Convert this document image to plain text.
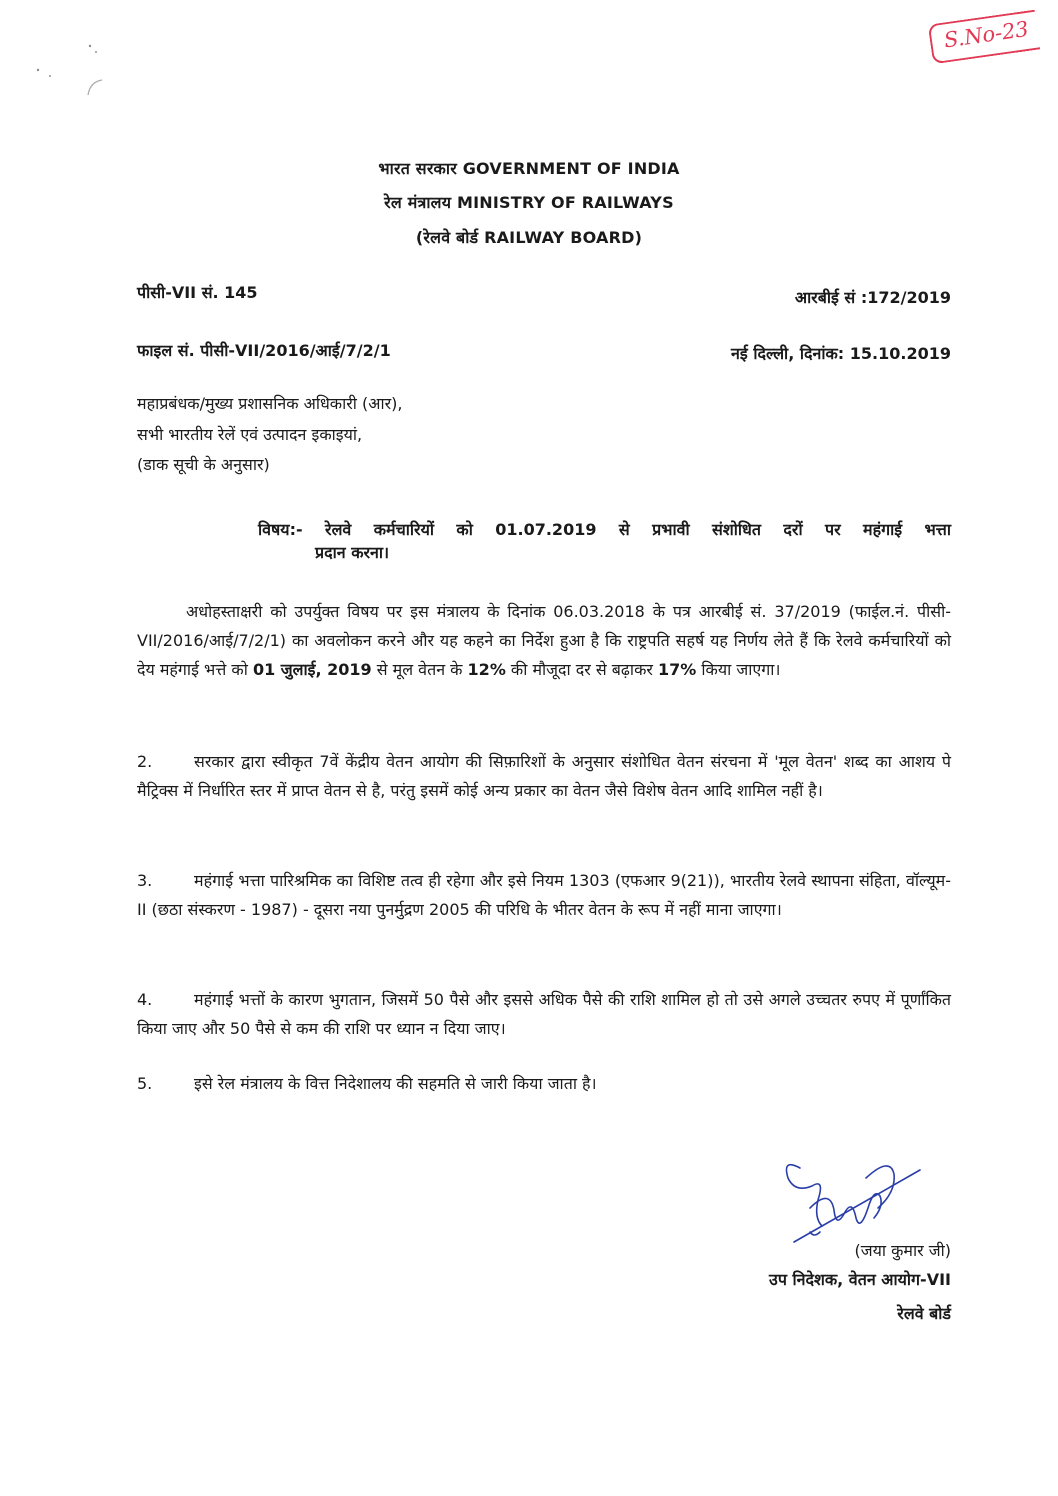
S.No-23
भारत सरकार GOVERNMENT OF INDIA
रेल मंत्रालय MINISTRY OF RAILWAYS
(रेलवे बोर्ड RAILWAY BOARD)
पीसी-VII सं. 145	आरबीई सं :172/2019
फाइल सं. पीसी-VII/2016/आई/7/2/1	नई दिल्ली, दिनांक: 15.10.2019
महाप्रबंधक/मुख्य प्रशासनिक अधिकारी (आर),
सभी भारतीय रेलें एवं उत्पादन इकाइयां,
(डाक सूची के अनुसार)
विषय:- रेलवे कर्मचारियों को 01.07.2019 से प्रभावी संशोधित दरों पर महंगाई भत्ता
प्रदान करना।
अधोहस्ताक्षरी को उपर्युक्त विषय पर इस मंत्रालय के दिनांक 06.03.2018 के पत्र आरबीई सं. 37/2019 (फाईल.नं. पीसी-VII/2016/आई/7/2/1) का अवलोकन करने और यह कहने का निर्देश हुआ है कि राष्ट्रपति सहर्ष यह निर्णय लेते हैं कि रेलवे कर्मचारियों को देय महंगाई भत्ते को 01 जुलाई, 2019 से मूल वेतन के 12% की मौजूदा दर से बढ़ाकर 17% किया जाएगा।
2.	सरकार द्वारा स्वीकृत 7वें केंद्रीय वेतन आयोग की सिफ़ारिशों के अनुसार संशोधित वेतन संरचना में 'मूल वेतन' शब्द का आशय पे मैट्रिक्स में निर्धारित स्तर में प्राप्त वेतन से है, परंतु इसमें कोई अन्य प्रकार का वेतन जैसे विशेष वेतन आदि शामिल नहीं है।
3.	महंगाई भत्ता पारिश्रमिक का विशिष्ट तत्व ही रहेगा और इसे नियम 1303 (एफआर 9(21)), भारतीय रेलवे स्थापना संहिता, वॉल्यूम-II (छठा संस्करण - 1987) - दूसरा नया पुनर्मुद्रण 2005 की परिधि के भीतर वेतन के रूप में नहीं माना जाएगा।
4.	महंगाई भत्तों के कारण भुगतान, जिसमें 50 पैसे और इससे अधिक पैसे की राशि शामिल हो तो उसे अगले उच्चतर रुपए में पूर्णांकित किया जाए और 50 पैसे से कम की राशि पर ध्यान न दिया जाए।
5.	इसे रेल मंत्रालय के वित्त निदेशालय की सहमति से जारी किया जाता है।
(जया कुमार जी)
उप निदेशक, वेतन आयोग-VII
रेलवे बोर्ड
